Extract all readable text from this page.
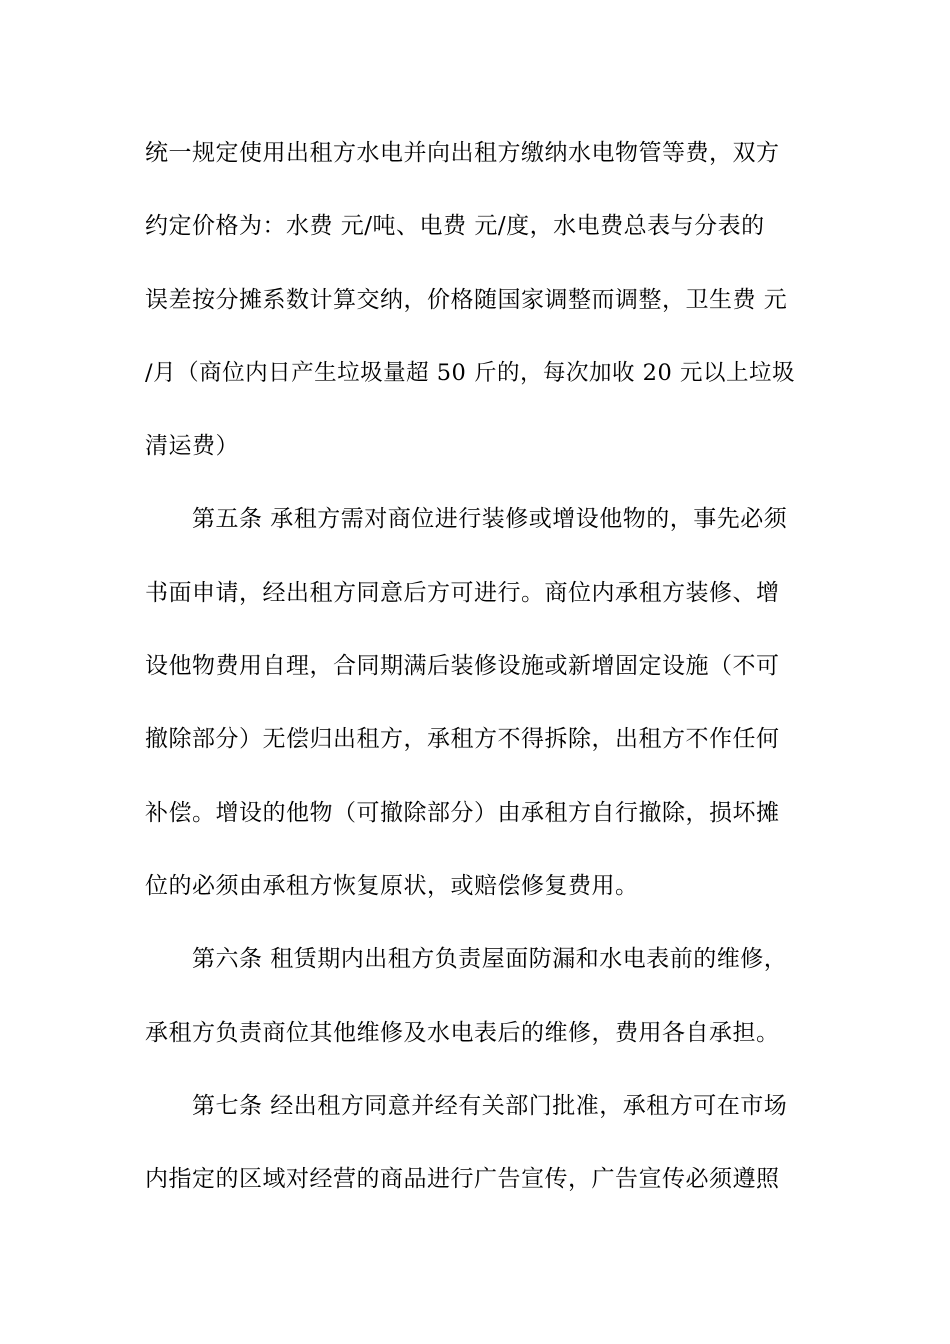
统一规定使用出租方水电并向出租方缴纳水电物管等费，双方
约定价格为：水费 元/吨、电费 元/度，水电费总表与分表的
误差按分摊系数计算交纳，价格随国家调整而调整，卫生费 元
/月（商位内日产生垃圾量超 50 斤的，每次加收 20 元以上垃圾
清运费）
第五条 承租方需对商位进行装修或增设他物的，事先必须
书面申请，经出租方同意后方可进行。商位内承租方装修、增
设他物费用自理，合同期满后装修设施或新增固定设施（不可
撤除部分）无偿归出租方，承租方不得拆除，出租方不作任何
补偿。增设的他物（可撤除部分）由承租方自行撤除，损坏摊
位的必须由承租方恢复原状，或赔偿修复费用。
第六条 租赁期内出租方负责屋面防漏和水电表前的维修，
承租方负责商位其他维修及水电表后的维修，费用各自承担。
第七条 经出租方同意并经有关部门批准，承租方可在市场
内指定的区域对经营的商品进行广告宣传，广告宣传必须遵照
